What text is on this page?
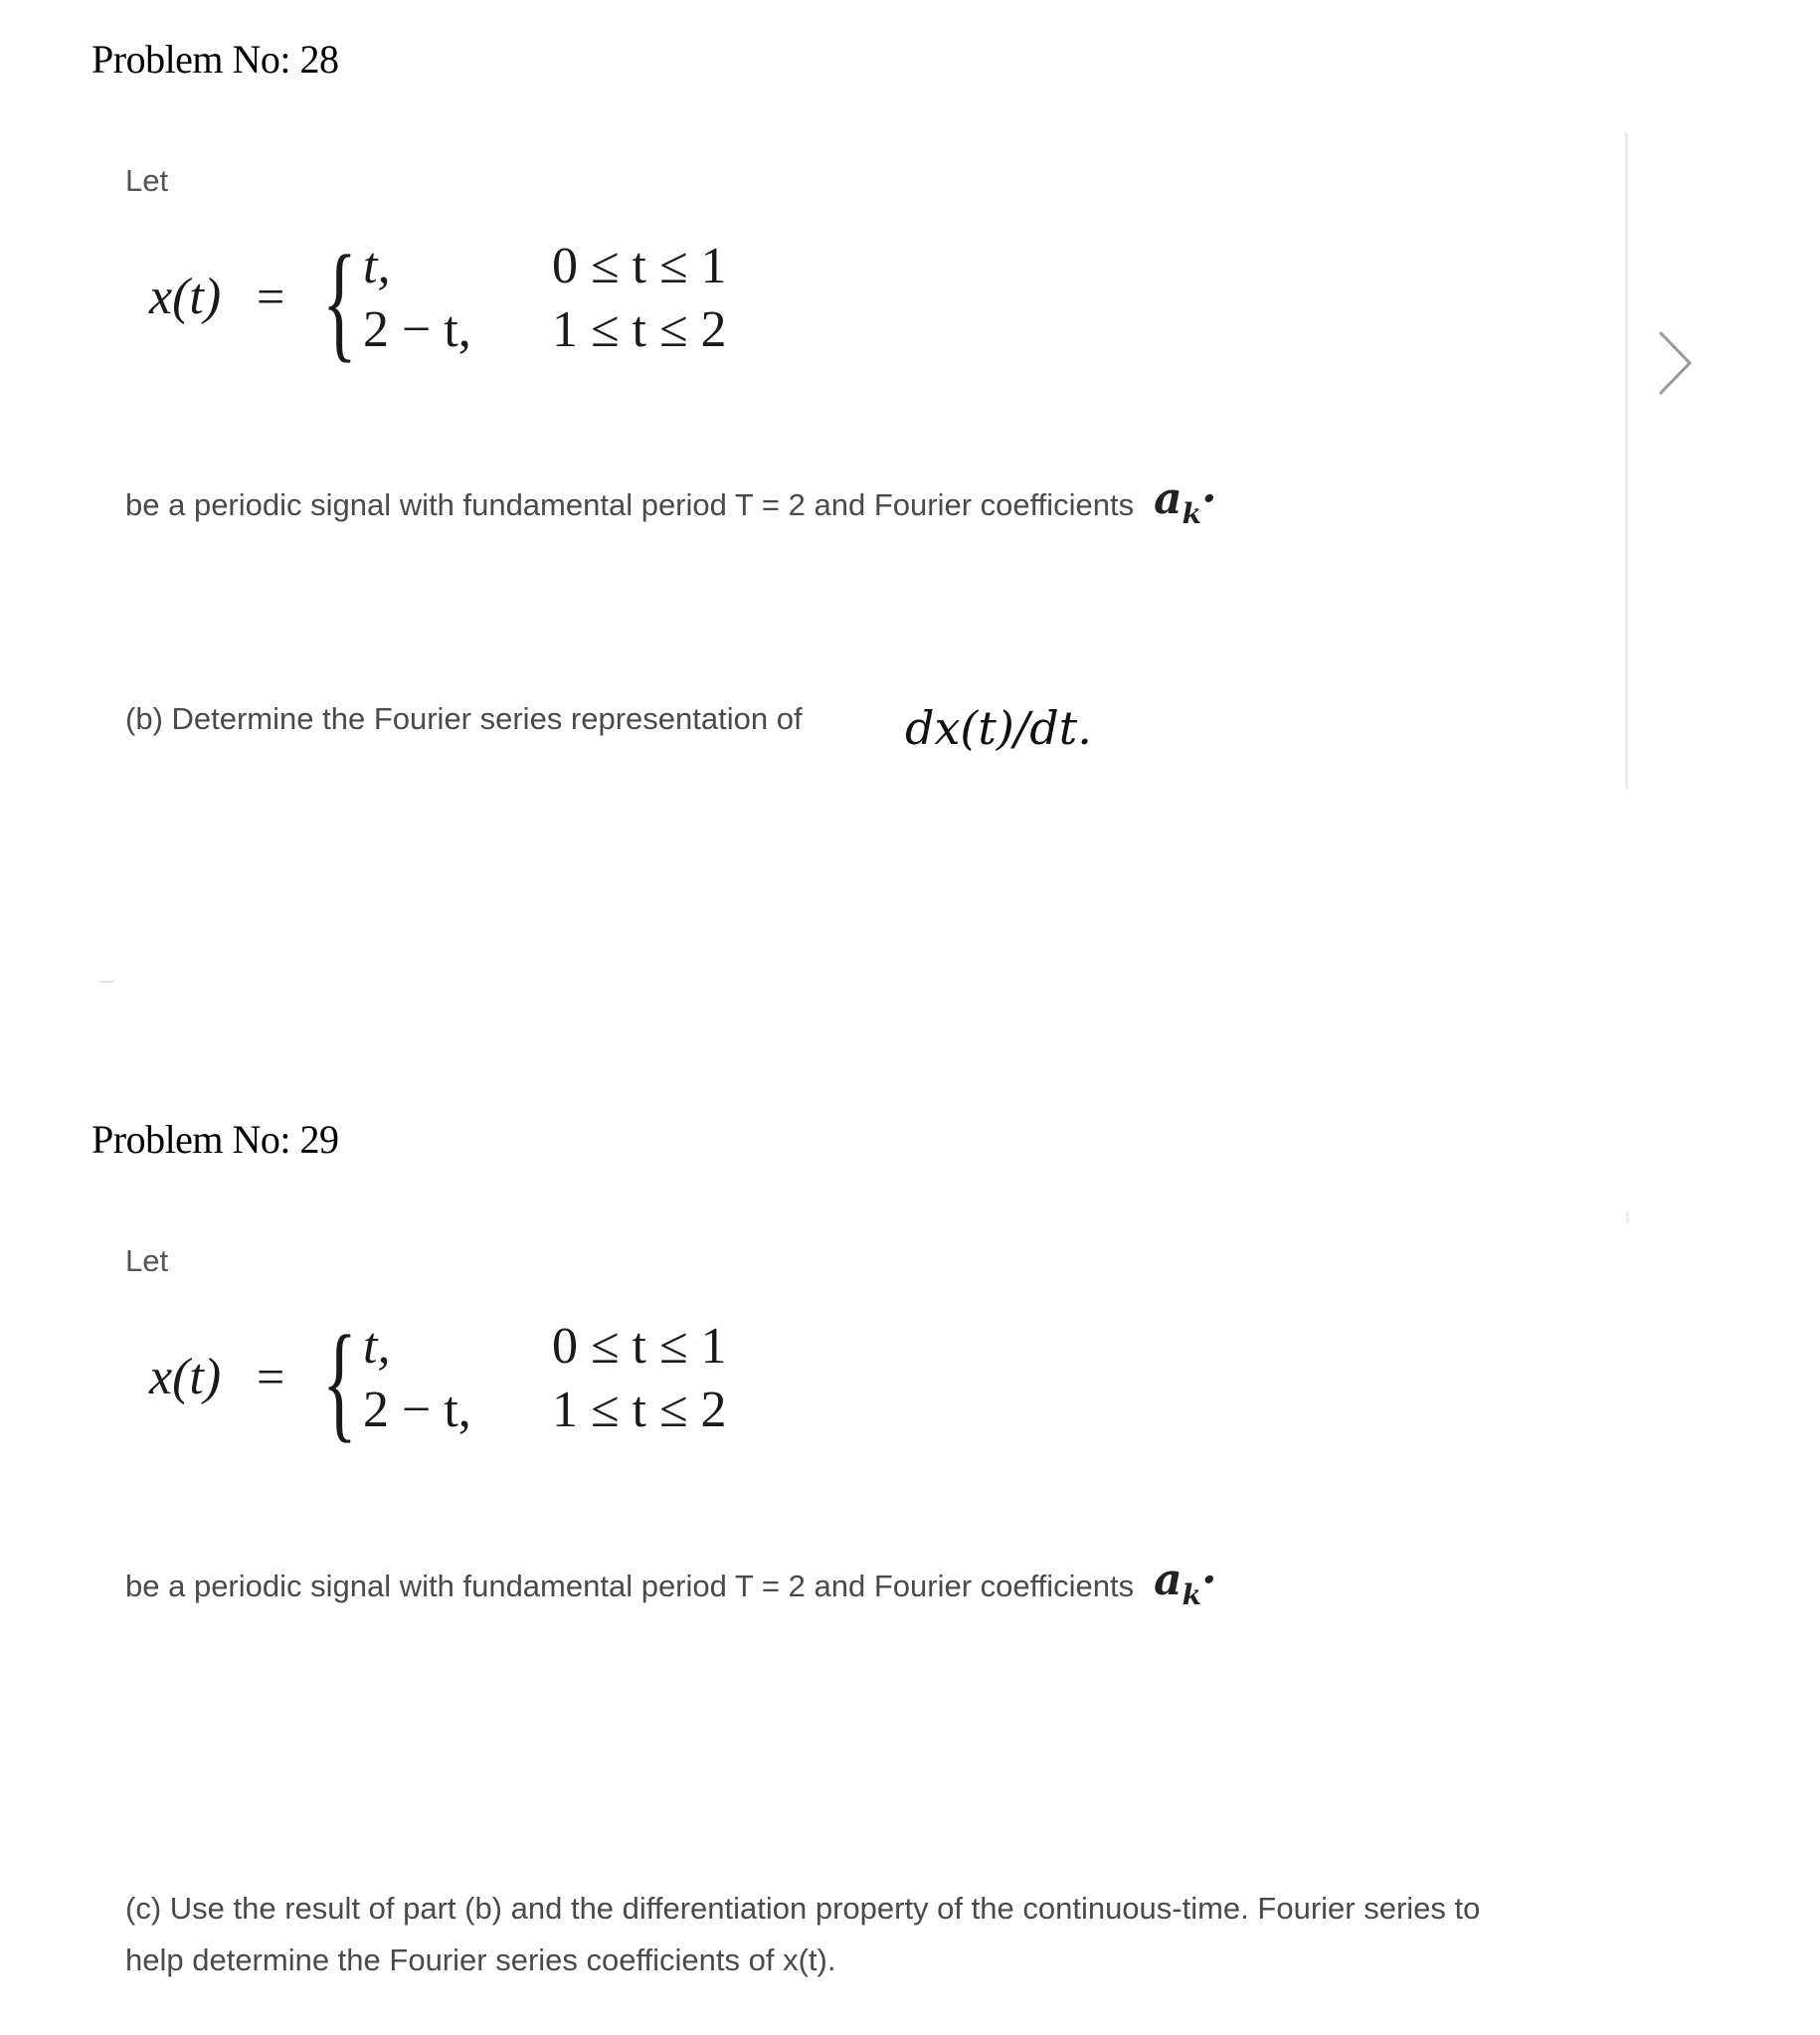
Problem No: 28
Let
x(t) = { t,	0 ≤ t ≤ 1
2 − t, 1 ≤ t ≤ 2
be a periodic signal with fundamental period T = 2 and Fourier coefficients $a_k\cdot$
(b) Determine the Fourier series representation of dx(t)/dt.
Problem No: 29
Let
x(t) = { t,	0 ≤ t ≤ 1
2 − t, 1 ≤ t ≤ 2
be a periodic signal with fundamental period T = 2 and Fourier coefficients $a_k\cdot$
(c) Use the result of part (b) and the differentiation property of the continuous-time. Fourier series to help determine the Fourier series coefficients of x(t).
